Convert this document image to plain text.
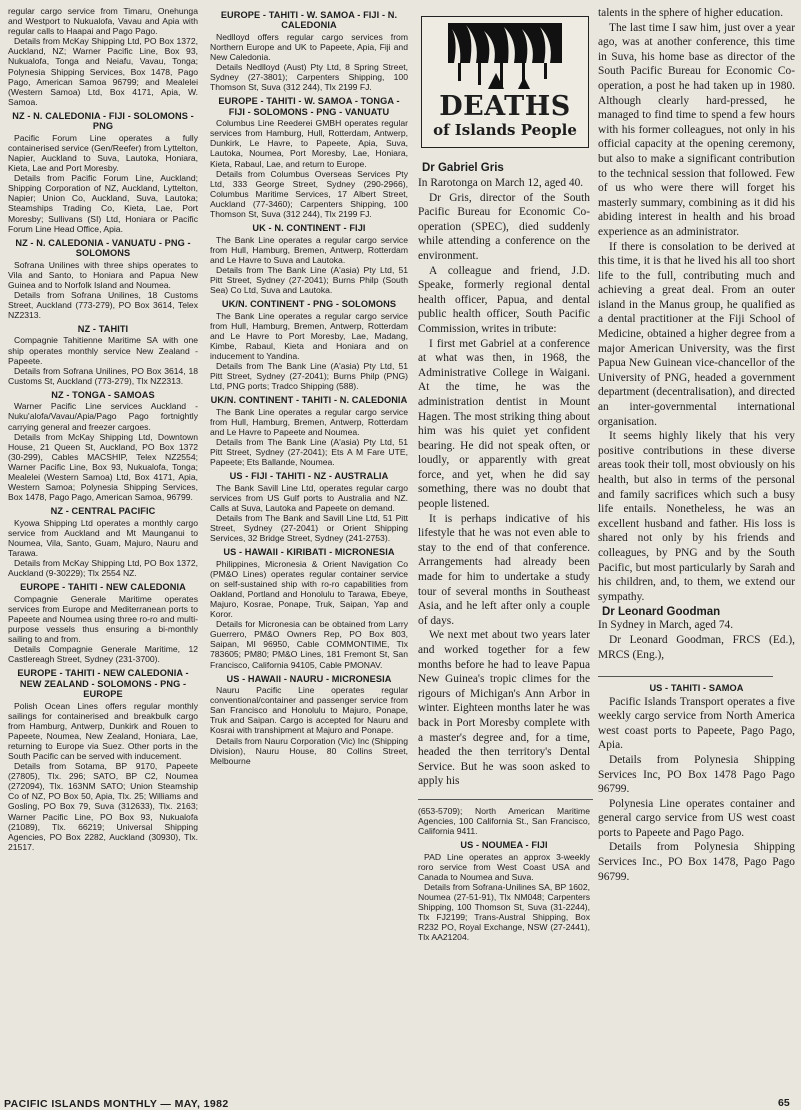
regular cargo service from Timaru, Onehunga and Westport to Nukualofa, Vavau and Apia with regular calls to Haapai and Pago Pago.

Details from McKay Shipping Ltd, PO Box 1372, Auckland, NZ; Warner Pacific Line, Box 93, Nukualofa, Tonga and Neiafu, Vavau, Tonga; Polynesia Shipping Services, Box 1478, Pago Pago, American Samoa 96799; and Mealelei (Western Samoa) Ltd, Box 4171, Apia, W. Samoa.

NZ - N. CALEDONIA - FIJI - SOLOMONS - PNG

Pacific Forum Line operates a fully containerised service (Gen/Reefer) from Lyttelton, Napier, Auckland to Suva, Lautoka, Honiara, Kieta, Lae and Port Moresby.

Details from Pacific Forum Line, Auckland; Shipping Corporation of NZ, Auckland, Lyttelton, Napier; Union Co, Auckland, Suva, Lautoka; Steamships Trading Co, Kieta, Lae, Port Moresby; Sullivans (SI) Ltd, Honiara or Pacific Forum Line Head Office, Apia.

NZ - N. CALEDONIA - VANUATU - PNG - SOLOMONS

Sofrana Unilines with three ships operates to Vila and Santo, to Honiara and Papua New Guinea and to Norfolk Island and Noumea.

Details from Sofrana Unilines, 18 Customs Street, Auckland (773-279), PO Box 3614, Telex NZ2313.

NZ - TAHITI

Compagnie Tahitienne Maritime SA with one ship operates monthly service New Zealand - Papeete.

Details from Sofrana Unilines, PO Box 3614, 18 Customs St, Auckland (773-279), Tlx NZ2313.

NZ - TONGA - SAMOAS

Warner Pacific Line services Auckland - Nuku'alofa/Vavau/Apia/Pago Pago fortnightly carrying general and freezer cargoes.

Details from McKay Shipping Ltd, Downtown House, 21 Queen St, Auckland, PO Box 1372 (30-299), Cables MACSHIP, Telex NZ2554; Warner Pacific Line, Box 93, Nukualofa, Tonga; Mealelei (Western Samoa) Ltd, Box 4171, Apia, Western Samoa; Polynesia Shipping Services, Box 1478, Pago Pago, American Samoa, 96799.

NZ - CENTRAL PACIFIC

Kyowa Shipping Ltd operates a monthly cargo service from Auckland and Mt Maunganui to Noumea, Vila, Santo, Guam, Majuro, Nauru and Tarawa.

Details from McKay Shipping Ltd, PO Box 1372, Auckland (9-30229); Tlx 2554 NZ.

EUROPE - TAHITI - NEW CALEDONIA

Compagnie Generale Maritime operates services from Europe and Mediterranean ports to Papeete and Noumea using three ro-ro and multi-purpose vessels thus ensuring a bi-monthly sailing to and from.

Details Compagnie Generale Maritime, 12 Castlereagh Street, Sydney (231-3700).

EUROPE - TAHITI - NEW CALEDONIA - NEW ZEALAND - SOLOMONS - PNG - EUROPE

Polish Ocean Lines offers regular monthly sailings for containerised and breakbulk cargo from Hamburg, Antwerp, Dunkirk and Rouen to Papeete, Noumea, New Zealand, Honiara, Lae, returning to Europe via Suez. Other ports in the South Pacific can be served with inducement.

Details from Sotama, BP 9170, Papeete (27805), Tlx. 296; SATO, BP C2, Noumea (272094), Tlx. 163NM SATO; Union Steamship Co of NZ, PO Box 50, Apia, Tlx. 25; Williams and Gosling, PO Box 79, Suva (312633), Tlx. 2163; Warner Pacific Line, PO Box 93, Nukualofa (21089), Tlx. 66219; Universal Shipping Agencies, PO Box 2282, Auckland (30930), Tlx. 21517.

EUROPE - TAHITI - W. SAMOA - FIJI - N. CALEDONIA

Nedlloyd offers regular cargo services from Northern Europe and UK to Papeete, Apia, Fiji and New Caledonia.

Details Nedlloyd (Aust) Pty Ltd, 8 Spring Street, Sydney (27-3801); Carpenters Shipping, 100 Thomson St, Suva (312 244), Tlx 2199 FJ.

EUROPE - TAHITI - W. SAMOA - TONGA - FIJI - SOLOMONS - PNG - VANUATU

Columbus Line Reederei GMBH operates regular services from Hamburg, Hull, Rotterdam, Antwerp, Dunkirk, Le Havre, to Papeete, Apia, Suva, Lautoka, Noumea, Port Moresby, Lae, Honiara, Kieta, Rabaul, Lae, and return to Europe.

Details from Columbus Overseas Services Pty Ltd, 333 George Street, Sydney (290-2966), Columbus Maritime Services, 17 Albert Street, Auckland (77-3460); Carpenters Shipping, 100 Thomson St, Suva (312 244), Tlx 2199 FJ.

UK - N. CONTINENT - FIJI

The Bank Line operates a regular cargo service from Hull, Hamburg, Bremen, Antwerp, Rotterdam and Le Havre to Suva and Lautoka.

Details from The Bank Line (A'asia) Pty Ltd, 51 Pitt Street, Sydney (27-2041); Burns Philp (South Sea) Co Ltd, Suva and Lautoka.

UK/N. CONTINENT - PNG - SOLOMONS

The Bank Line operates a regular cargo service from Hull, Hamburg, Bremen, Antwerp, Rotterdam and Le Havre to Port Moresby, Lae, Madang, Kimbe, Rabaul, Kieta and Honiara and on inducement to Yandina.

Details from The Bank Line (A'asia) Pty Ltd, 51 Pitt Street, Sydney (27-2041); Burns Philp (PNG) Ltd, PNG ports; Tradco Shipping (588).

UK/N. CONTINENT - TAHITI - N. CALEDONIA

The Bank Line operates a regular cargo service from Hull, Hamburg, Bremen, Antwerp, Rotterdam and Le Havre to Papeete and Noumea.

Details from The Bank Line (A'asia) Pty Ltd, 51 Pitt Street, Sydney (27-2041); Ets A M Fare UTE, Papeete; Ets Ballande, Noumea.

US - FIJI - TAHITI - NZ - AUSTRALIA

The Bank Savill Line Ltd, operates regular cargo services from US Gulf ports to Australia and NZ. Calls at Suva, Lautoka and Papeete on demand.

Details from The Bank and Savill Line Ltd, 51 Pitt Street, Sydney (27-2041) or Orient Shipping Services, 32 Bridge Street, Sydney (241-2753).

US - HAWAII - KIRIBATI - MICRONESIA

Philippines, Micronesia & Orient Navigation Co (PM&O Lines) operates regular container service on self-sustained ship with ro-ro capabilities from Oakland, Portland and Honolulu to Tarawa, Ebeye, Majuro, Kosrae, Ponape, Truk, Saipan, Yap and Koror.

Details for Micronesia can be obtained from Larry Guerrero, PM&O Owners Rep, PO Box 803, Saipan, MI 96950, Cable COMMONTIME, Tlx 783605; PM80; PM&O Lines, 181 Fremont St, San Francisco, California 94105, Cable PMONAV.

US - HAWAII - NAURU - MICRONESIA

Nauru Pacific Line operates regular conventional/container and passenger service from San Francisco and Honolulu to Majuro, Ponape, Truk and Saipan. Cargo is accepted for Nauru and Kosrai with transhipment at Majuro and Ponape.

Details from Nauru Corporation (Vic) Inc (Shipping Division), Nauru House, 80 Collins Street, Melbourne

DEATHS
of Islands People
Dr Gabriel Gris

In Rarotonga on March 12, aged 40.

Dr Gris, director of the South Pacific Bureau for Economic Co-operation (SPEC), died suddenly while attending a conference on the environment.

A colleague and friend, J.D. Speake, formerly regional dental health officer, Papua, and dental public health officer, South Pacific Commission, writes in tribute:

I first met Gabriel at a conference at what was then, in 1968, the Administrative College in Waigani. At the time, he was the administration dentist in Mount Hagen. The most striking thing about him was his quiet yet confident bearing. He did not speak often, or loudly, or apparently with great force, and yet, when he did say something, there was no doubt that people listened.

It is perhaps indicative of his lifestyle that he was not even able to stay to the end of that conference. Arrangements had already been made for him to undertake a study tour of several months in Southeast Asia, and he left after only a couple of days.

We next met about two years later and worked together for a few months before he had to leave Papua New Guinea's tropic climes for the rigours of Michigan's Ann Arbor in winter. Eighteen months later he was back in Port Moresby complete with a master's degree and, for a time, headed the then territory's Dental Service. But he was soon asked to apply his

(653-5709); North American Maritime Agencies, 100 California St., San Francisco, California 9411.

US - NOUMEA - FIJI

PAD Line operates an approx 3-weekly roro service from West Coast USA and Canada to Noumea and Suva.

Details from Sofrana-Unilines SA, BP 1602, Noumea (27-51-91), Tlx NM048; Carpenters Shipping, 100 Thomson St, Suva (31-2244), Tlx FJ2199; Trans-Austral Shipping, Box R232 PO, Royal Exchange, NSW (27-2441), Tlx AA21204.

talents in the sphere of higher education.

The last time I saw him, just over a year ago, was at another conference, this time in Suva, his home base as director of the South Pacific Bureau for Economic Co-operation, a post he had taken up in 1980. Although clearly hard-pressed, he managed to find time to spend a few hours with his former colleagues, not only in his official capacity at the opening ceremony, but also to make a significant contribution to the technical session that followed. Few of us who were there will forget his masterly summary, combining as it did his abiding interest in health and his broad experience as an administrator.

If there is consolation to be derived at this time, it is that he lived his all too short life to the full, contributing much and achieving a great deal. From an outer island in the Manus group, he qualified as a dental practitioner at the Fiji School of Medicine, obtained a higher degree from a major American University, was the first Papua New Guinean vice-chancellor of the University of PNG, headed a government department (decentralisation), and directed an inter-governmental international organisation.

It seems highly likely that his very positive contributions in these diverse areas took their toll, most obviously on his health, but also in terms of the personal and family sacrifices which such a busy life entails. Nonetheless, he was an excellent husband and father. His loss is shared not only by his friends and colleagues, by PNG and by the South Pacific, but most particularly by Sarah and his children, and, to them, we extend our sympathy.

Dr Leonard Goodman

In Sydney in March, aged 74.

Dr Leonard Goodman, FRCS (Ed.), MRCS (Eng.),

US - TAHITI - SAMOA

Pacific Islands Transport operates a five weekly cargo service from North America west coast ports to Papeete, Pago Pago, Apia.

Details from Polynesia Shipping Services Inc, PO Box 1478 Pago Pago 96799.

Polynesia Line operates container and general cargo service from US west coast ports to Papeete and Pago Pago.

Details from Polynesia Shipping Services Inc., PO Box 1478, Pago Pago 96799.

PACIFIC ISLANDS MONTHLY — MAY, 1982	65
